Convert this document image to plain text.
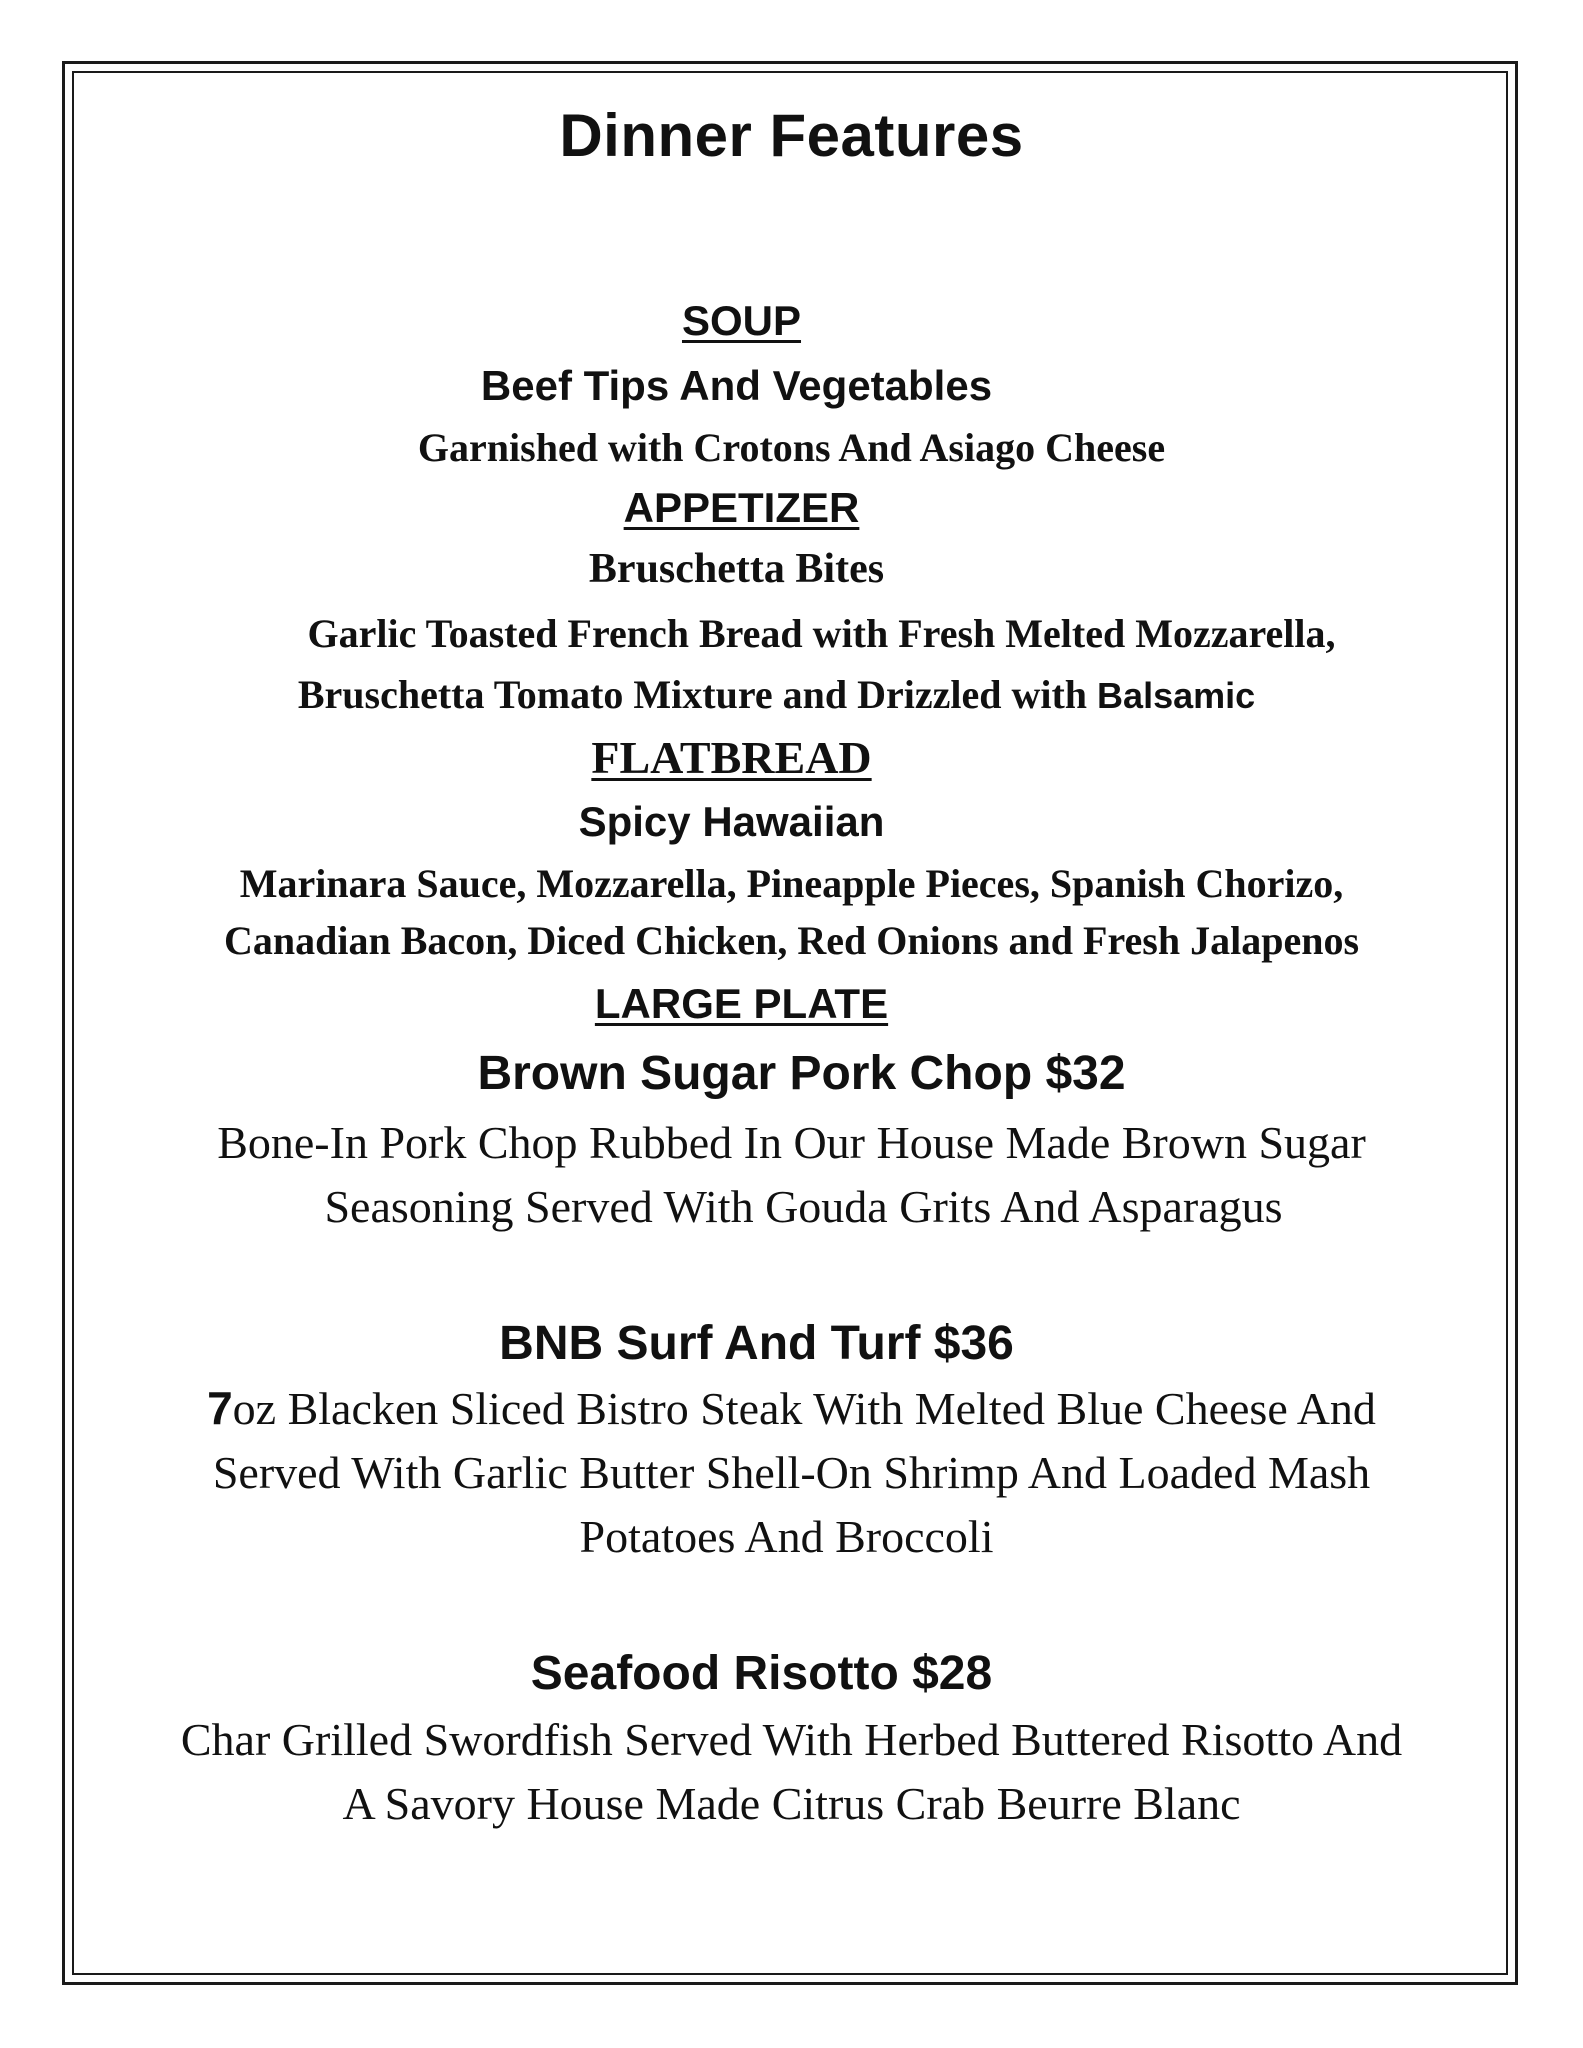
Dinner Features
SOUP
Beef Tips And Vegetables
Garnished with Crotons And Asiago Cheese
APPETIZER
Bruschetta Bites
Garlic Toasted French Bread with Fresh Melted Mozzarella,
Bruschetta Tomato Mixture and Drizzled with Balsamic
FLATBREAD
Spicy Hawaiian
Marinara Sauce, Mozzarella, Pineapple Pieces, Spanish Chorizo,
Canadian Bacon, Diced Chicken, Red Onions and Fresh Jalapenos
LARGE PLATE
Brown Sugar Pork Chop $32
Bone-In Pork Chop Rubbed In Our House Made Brown Sugar
Seasoning Served With Gouda Grits And Asparagus
BNB Surf And Turf $36
7oz Blacken Sliced Bistro Steak With Melted Blue Cheese And
Served With Garlic Butter Shell-On Shrimp And Loaded Mash
Potatoes And Broccoli
Seafood Risotto $28
Char Grilled Swordfish Served With Herbed Buttered Risotto And
A Savory House Made Citrus Crab Beurre Blanc
